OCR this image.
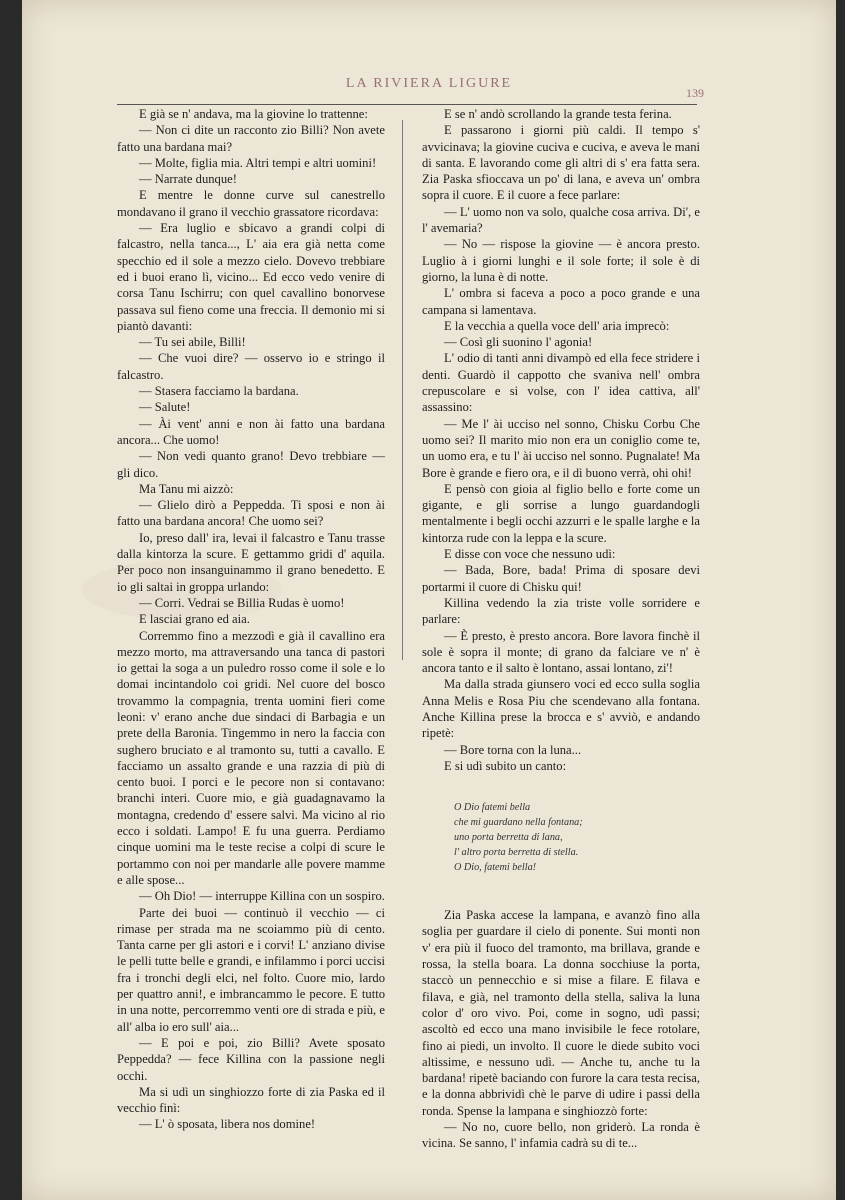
LA RIVIERA LIGURE
139

E già se n' andava, ma la giovine lo trattenne:

— Non ci dite un racconto zio Billi? Non avete fatto una bardana mai?

— Molte, figlia mia. Altri tempi e altri uomini!

— Narrate dunque!

E mentre le donne curve sul canestrello mondavano il grano il vecchio grassatore ricordava:

— Era luglio e sbicavo a grandi colpi di falcastro, nella tanca..., L' aia era già netta come specchio ed il sole a mezzo cielo. Dovevo trebbiare ed i buoi erano lì, vicino... Ed ecco vedo venire di corsa Tanu Ischirru; con quel cavallino bonorvese passava sul fieno come una freccia. Il demonio mi si piantò davanti:

— Tu sei abile, Billi!

— Che vuoi dire? — osservo io e stringo il falcastro.

— Stasera facciamo la bardana.

— Salute!

— Ài vent' anni e non ài fatto una bardana ancora... Che uomo!

— Non vedi quanto grano! Devo trebbiare — gli dico.

Ma Tanu mi aizzò:

— Glielo dirò a Peppedda. Ti sposi e non ài fatto una bardana ancora! Che uomo sei?

Io, preso dall' ira, levai il falcastro e Tanu trasse dalla kintorza la scure. E gettammo gridi d' aquila. Per poco non insanguinammo il grano benedetto. E io gli saltai in groppa urlando:

— Corri. Vedrai se Billia Rudas è uomo!

E lasciai grano ed aia.

Corremmo fino a mezzodì e già il cavallino era mezzo morto, ma attraversando una tanca di pastori io gettai la soga a un puledro rosso come il sole e lo domai incintandolo coi gridi. Nel cuore del bosco trovammo la compagnia, trenta uomini fieri come leoni: v' erano anche due sindaci di Barbagia e un prete della Baronia. Tingemmo in nero la faccia con sughero bruciato e al tramonto su, tutti a cavallo. E facciamo un assalto grande e una razzia di più di cento buoi. I porci e le pecore non si contavano: branchi interi. Cuore mio, e già guadagnavamo la montagna, credendo d' essere salvi. Ma vicino al rio ecco i soldati. Lampo! E fu una guerra. Perdiamo cinque uomini ma le teste recise a colpi di scure le portammo con noi per mandarle alle povere mamme e alle spose...

— Oh Dio! — interruppe Killina con un sospiro.

Parte dei buoi — continuò il vecchio — ci rimase per strada ma ne scoiammo più di cento. Tanta carne per gli astori e i corvi! L' anziano divise le pelli tutte belle e grandi, e infilammo i porci uccisi fra i tronchi degli elci, nel folto. Cuore mio, lardo per quattro anni!, e imbrancammo le pecore. E tutto in una notte, percorremmo venti ore di strada e più, e all' alba io ero sull' aia...

— E poi e poi, zio Billi? Avete sposato Peppedda? — fece Killina con la passione negli occhi.

Ma si udì un singhiozzo forte di zia Paska ed il vecchio finì:

— L' ò sposata, libera nos domine!

E se n' andò scrollando la grande testa ferina.

E passarono i giorni più caldi. Il tempo s' avvicinava; la giovine cuciva e cuciva, e aveva le mani di santa. E lavorando come gli altri di s' era fatta sera. Zia Paska sfioccava un po' di lana, e aveva un' ombra sopra il cuore. E il cuore a fece parlare:

— L' uomo non va solo, qualche cosa arriva. Di', e l' avemaria?

— No — rispose la giovine — è ancora presto. Luglio à i giorni lunghi e il sole forte; il sole è di giorno, la luna è di notte.

L' ombra si faceva a poco a poco grande e una campana si lamentava.

E la vecchia a quella voce dell' aria imprecò:

— Così gli suonino l' agonia!

L' odio di tanti anni divampò ed ella fece stridere i denti. Guardò il cappotto che svaniva nell' ombra crepuscolare e si volse, con l' idea cattiva, all' assassino:

— Me l' ài ucciso nel sonno, Chisku Corbu Che uomo sei? Il marito mio non era un coniglio come te, un uomo era, e tu l' ài ucciso nel sonno. Pugnalate! Ma Bore è grande e fiero ora, e il dì buono verrà, ohi ohi!

E pensò con gioia al figlio bello e forte come un gigante, e gli sorrise a lungo guardandogli mentalmente i begli occhi azzurri e le spalle larghe e la kintorza rude con la leppa e la scure.

E disse con voce che nessuno udì:

— Bada, Bore, bada! Prima di sposare devi portarmi il cuore di Chisku qui!

Killina vedendo la zia triste volle sorridere e parlare:

— È presto, è presto ancora. Bore lavora finchè il sole è sopra il monte; di grano da falciare ve n' è ancora tanto e il salto è lontano, assai lontano, zi'!

Ma dalla strada giunsero voci ed ecco sulla soglia Anna Melis e Rosa Piu che scendevano alla fontana. Anche Killina prese la brocca e s' avviò, e andando ripetè:

— Bore torna con la luna...

E si udì subito un canto:

O Dio fatemi bella
che mi guardano nella fontana;
uno porta berretta di lana,
l' altro porta berretta di stella.
O Dio, fatemi bella!

Zia Paska accese la lampana, e avanzò fino alla soglia per guardare il cielo di ponente. Sui monti non v' era più il fuoco del tramonto, ma brillava, grande e rossa, la stella boara. La donna socchiuse la porta, staccò un pennecchio e si mise a filare. E filava e filava, e già, nel tramonto della stella, saliva la luna color d' oro vivo. Poi, come in sogno, udì passi; ascoltò ed ecco una mano invisibile le fece rotolare, fino ai piedi, un involto. Il cuore le diede subito voci altissime, e nessuno udì. — Anche tu, anche tu la bardana! ripetè baciando con furore la cara testa recisa, e la donna abbrividì chè le parve di udire i passi della ronda. Spense la lampana e singhiozzò forte:

— No no, cuore bello, non griderò. La ronda è vicina. Se sanno, l' infamia cadrà su di te...
